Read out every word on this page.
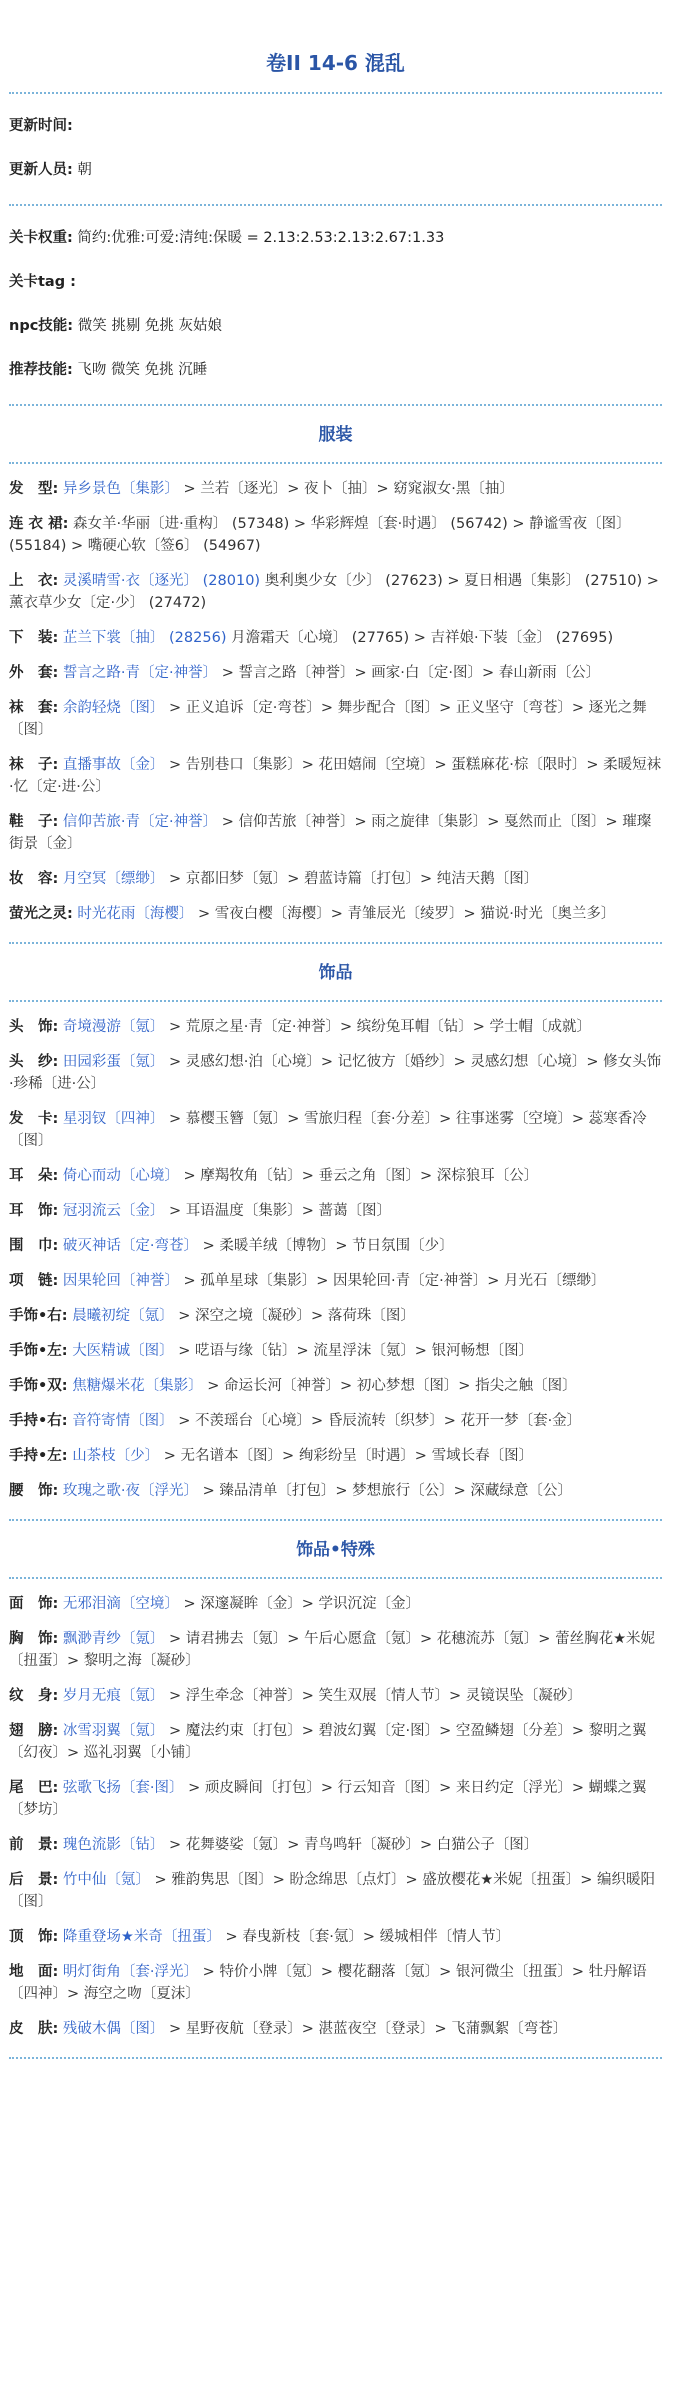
卷II 14-6 混乱
更新时间:
更新人员: 朝
关卡权重: 简约:优雅:可爱:清纯:保暖 = 2.13:2.53:2.13:2.67:1.33
关卡tag :
npc技能: 微笑 挑剔 免挑 灰姑娘
推荐技能: 飞吻 微笑 免挑 沉睡
服装
发　型: 异乡景色〔集影〕 > 兰若〔逐光〕> 夜卜〔抽〕> 窈窕淑女·黑〔抽〕
连 衣 裙: 森女羊·华丽〔进·重构〕 (57348) > 华彩辉煌〔套·时遇〕 (56742) > 静谧雪夜〔图〕 (55184) > 嘴硬心软〔签6〕 (54967)
上　衣: 灵溪晴雪·衣〔逐光〕 (28010) 奥利奥少女〔少〕 (27623) > 夏日相遇〔集影〕 (27510) > 薰衣草少女〔定·少〕 (27472)
下　装: 芷兰下裳〔抽〕 (28256) 月澹霜天〔心境〕 (27765) > 吉祥娘·下装〔金〕 (27695)
外　套: 誓言之路·青〔定·神誉〕 > 誓言之路〔神誉〕> 画家·白〔定·图〕> 春山新雨〔公〕
袜　套: 余韵轻烧〔图〕 > 正义追诉〔定·弯苍〕> 舞步配合〔图〕> 正义坚守〔弯苍〕> 逐光之舞〔图〕
袜　子: 直播事故〔金〕 > 告别巷口〔集影〕> 花田嬉闹〔空境〕> 蛋糕麻花·棕〔限时〕> 柔暖短袜·忆〔定·进·公〕
鞋　子: 信仰苦旅·青〔定·神誉〕 > 信仰苦旅〔神誉〕> 雨之旋律〔集影〕> 戛然而止〔图〕> 璀璨街景〔金〕
妆　容: 月空冥〔缥缈〕 > 京都旧梦〔氪〕> 碧蓝诗篇〔打包〕> 纯洁天鹅〔图〕
萤光之灵: 时光花雨〔海樱〕 > 雪夜白樱〔海樱〕> 青雏辰光〔绫罗〕> 猫说·时光〔奥兰多〕
饰品
头　饰: 奇境漫游〔氪〕 > 荒原之星·青〔定·神誉〕> 缤纷兔耳帽〔钻〕> 学士帽〔成就〕
头　纱: 田园彩蛋〔氪〕 > 灵感幻想·泊〔心境〕> 记忆彼方〔婚纱〕> 灵感幻想〔心境〕> 修女头饰·珍稀〔进·公〕
发　卡: 星羽钗〔四神〕 > 慕樱玉簪〔氪〕> 雪旅归程〔套·分差〕> 往事迷雾〔空境〕> 蕊寒香冷〔图〕
耳　朵: 倚心而动〔心境〕 > 摩羯牧角〔钻〕> 垂云之角〔图〕> 深棕狼耳〔公〕
耳　饰: 冠羽流云〔金〕 > 耳语温度〔集影〕> 蔷蔼〔图〕
围　巾: 破灭神话〔定·弯苍〕 > 柔暖羊绒〔博物〕> 节日氛围〔少〕
项　链: 因果轮回〔神誉〕 > 孤单星球〔集影〕> 因果轮回·青〔定·神誉〕> 月光石〔缥缈〕
手饰•右: 晨曦初绽〔氪〕 > 深空之境〔凝砂〕> 落荷珠〔图〕
手饰•左: 大医精诚〔图〕 > 呓语与缘〔钻〕> 流星浮沫〔氪〕> 银河畅想〔图〕
手饰•双: 焦糖爆米花〔集影〕 > 命运长河〔神誉〕> 初心梦想〔图〕> 指尖之触〔图〕
手持•右: 音符寄情〔图〕 > 不羡瑶台〔心境〕> 昏辰流转〔织梦〕> 花开一梦〔套·金〕
手持•左: 山茶枝〔少〕 > 无名谱本〔图〕> 绚彩纷呈〔时遇〕> 雪域长春〔图〕
腰　饰: 玫瑰之歌·夜〔浮光〕 > 臻品清单〔打包〕> 梦想旅行〔公〕> 深藏绿意〔公〕
饰品•特殊
面　饰: 无邪泪滴〔空境〕 > 深邃凝眸〔金〕> 学识沉淀〔金〕
胸　饰: 飘渺青纱〔氪〕 > 请君拂去〔氪〕> 午后心愿盒〔氪〕> 花穗流苏〔氪〕> 蕾丝胸花★米妮〔扭蛋〕> 黎明之海〔凝砂〕
纹　身: 岁月无痕〔氪〕 > 浮生牵念〔神誉〕> 笑生双展〔情人节〕> 灵镜误坠〔凝砂〕
翅　膀: 冰雪羽翼〔氪〕 > 魔法约束〔打包〕> 碧波幻翼〔定·图〕> 空盈鳞翅〔分差〕> 黎明之翼〔幻夜〕> 巡礼羽翼〔小铺〕
尾　巴: 弦歌飞扬〔套·图〕 > 顽皮瞬间〔打包〕> 行云知音〔图〕> 来日约定〔浮光〕> 蝴蝶之翼〔梦坊〕
前　景: 瑰色流影〔钻〕 > 花舞婆娑〔氪〕> 青鸟鸣轩〔凝砂〕> 白猫公子〔图〕
后　景: 竹中仙〔氪〕 > 雅韵隽思〔图〕> 盼念绵思〔点灯〕> 盛放樱花★米妮〔扭蛋〕> 编织暖阳〔图〕
顶　饰: 降重登场★米奇〔扭蛋〕 > 春曳新枝〔套·氪〕> 缓城相伴〔情人节〕
地　面: 明灯街角〔套·浮光〕 > 特价小牌〔氪〕> 樱花翻落〔氪〕> 银河微尘〔扭蛋〕> 牡丹解语〔四神〕> 海空之吻〔夏沫〕
皮　肤: 残破木偶〔图〕 > 星野夜航〔登录〕> 湛蓝夜空〔登录〕> 飞蒲飘絮〔弯苍〕
